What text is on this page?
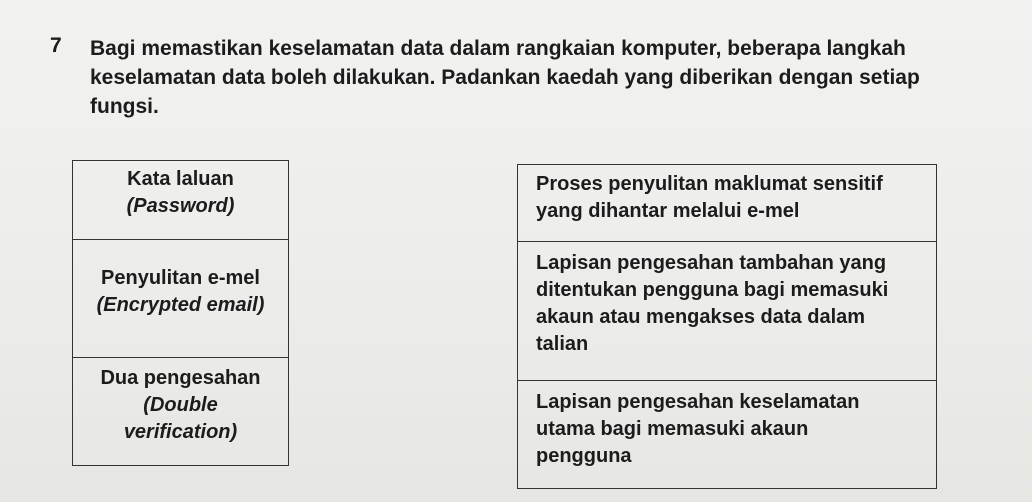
7 Bagi memastikan keselamatan data dalam rangkaian komputer, beberapa langkah
keselamatan data boleh dilakukan. Padankan kaedah yang diberikan dengan setiap
fungsi.
Kata laluan
(Password)
Penyulitan e-mel
(Encrypted email)
Dua pengesahan
(Double
verification)
Proses penyulitan maklumat sensitif
yang dihantar melalui e-mel
Lapisan pengesahan tambahan yang
ditentukan pengguna bagi memasuki
akaun atau mengakses data dalam
talian
Lapisan pengesahan keselamatan
utama bagi memasuki akaun
pengguna
